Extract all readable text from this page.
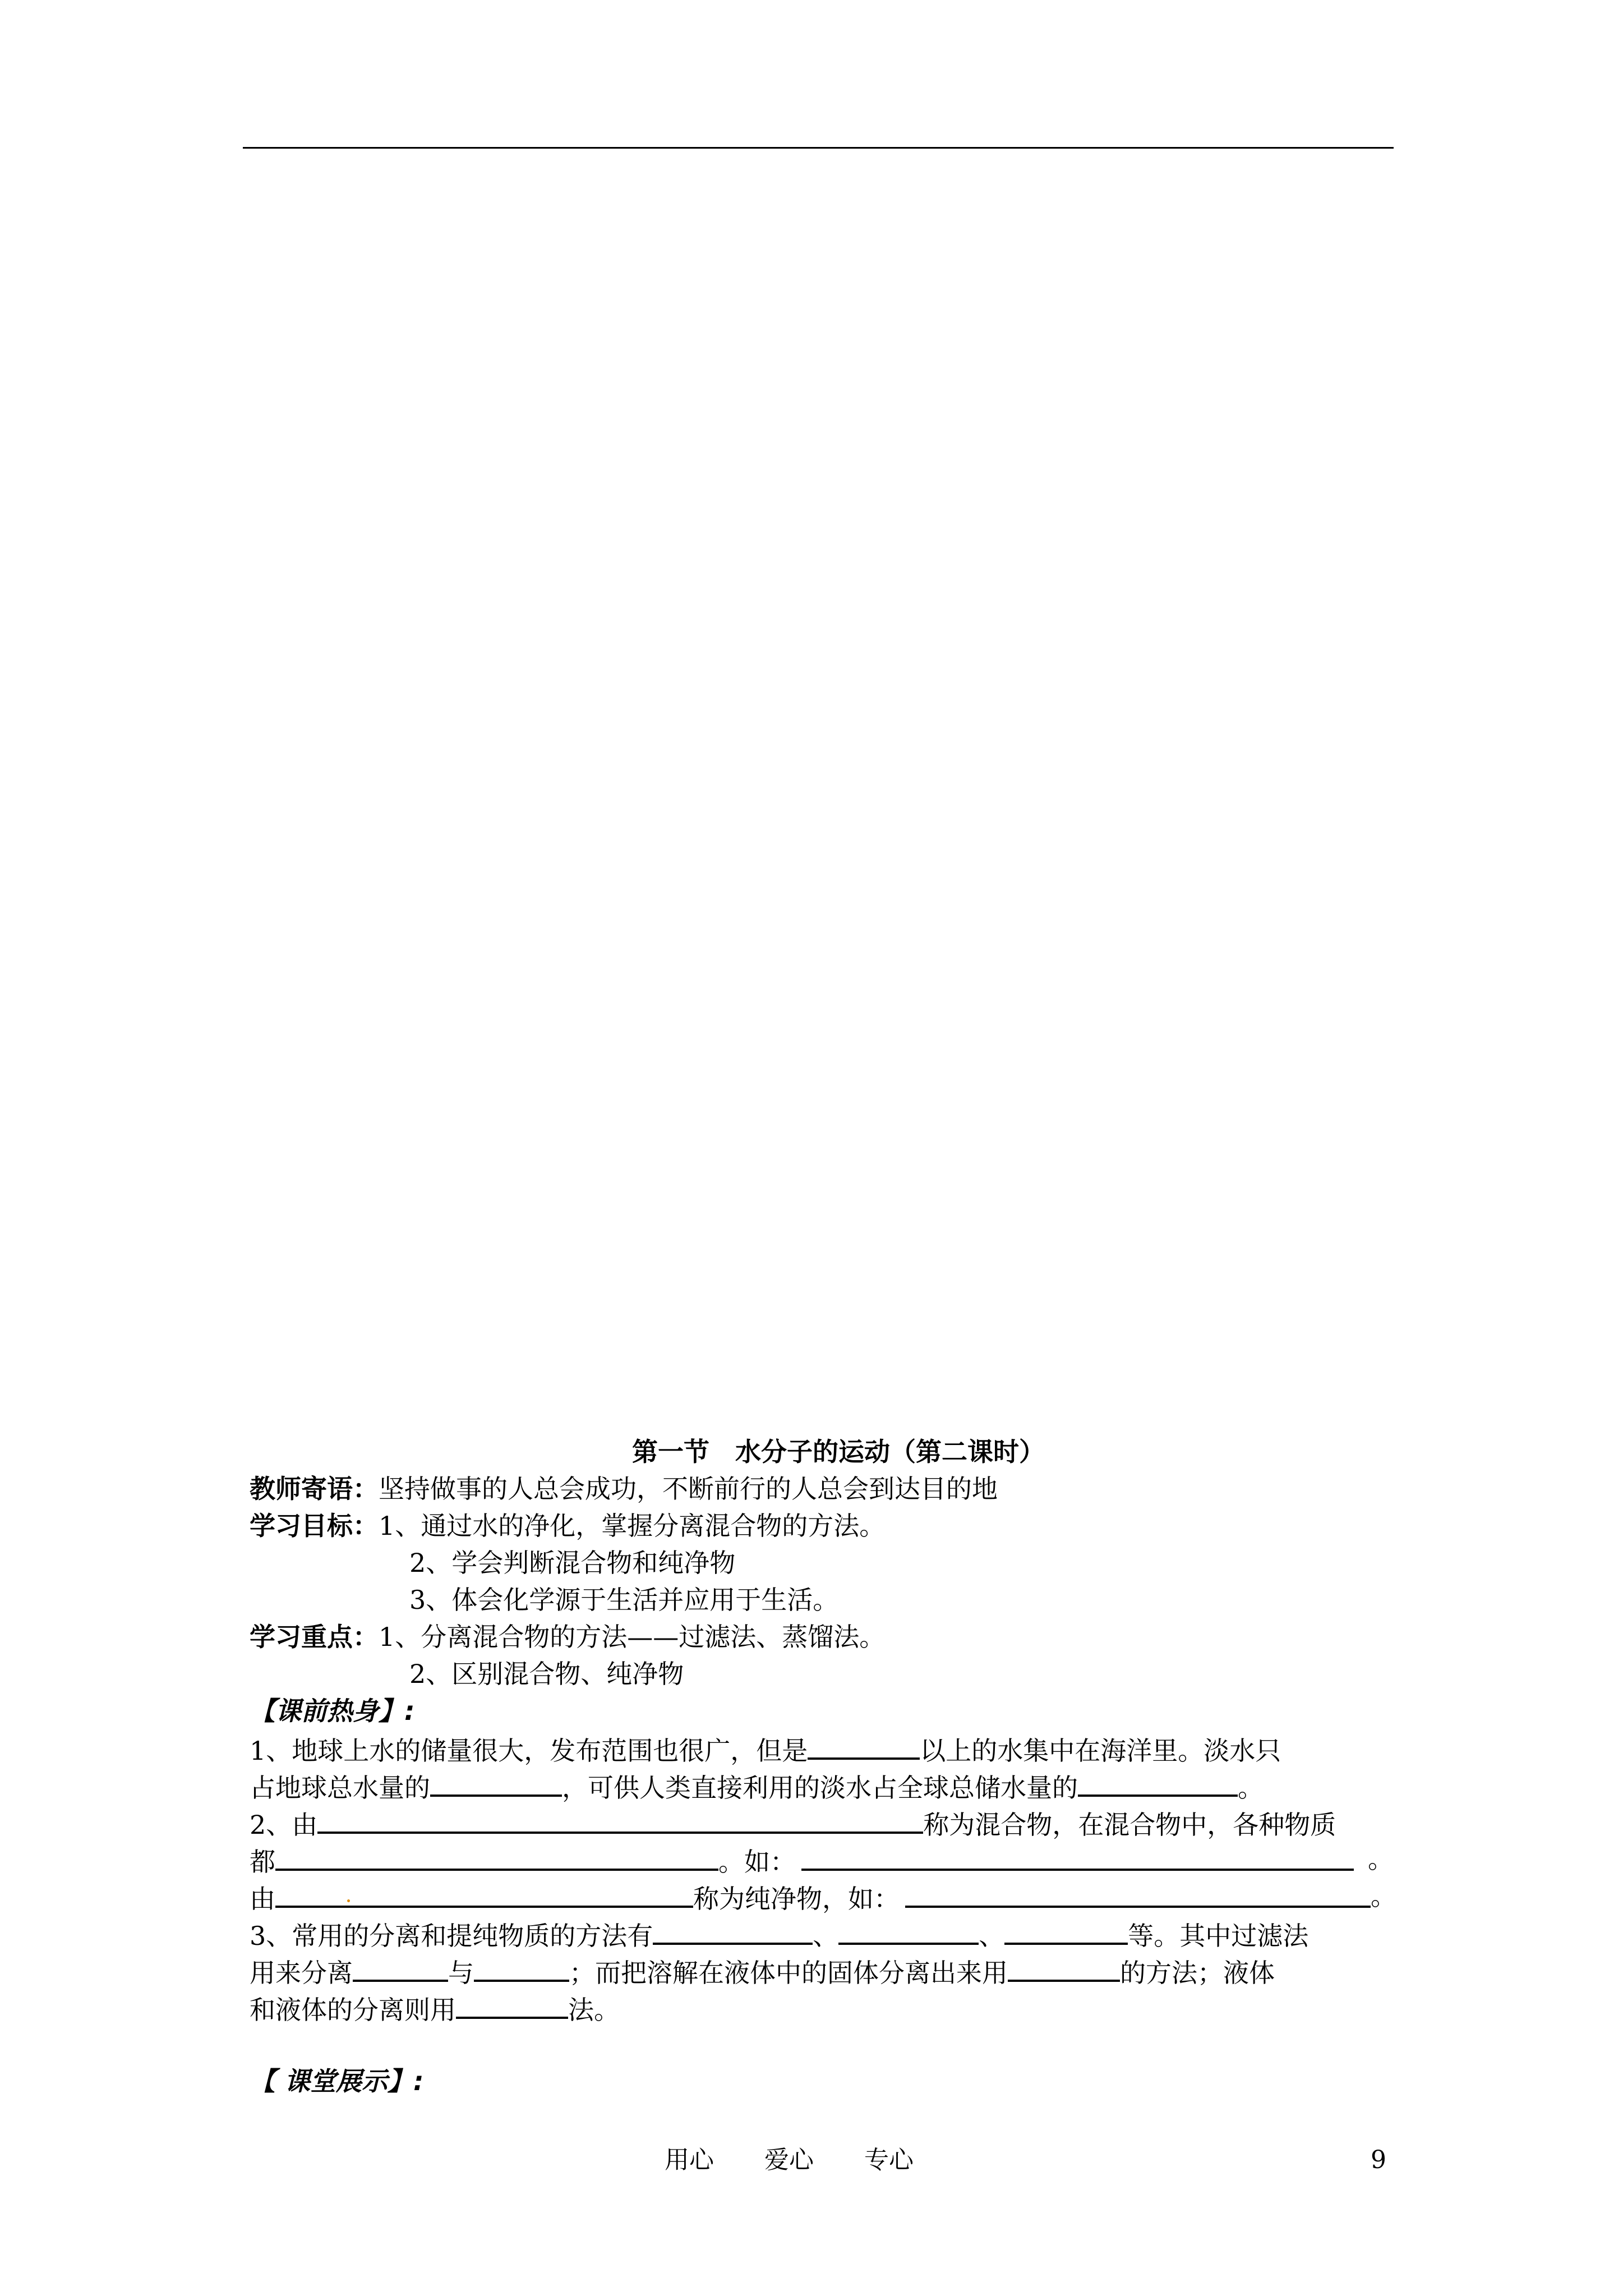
第一节　水分子的运动（第二课时）
教师寄语：坚持做事的人总会成功，不断前行的人总会到达目的地
学习目标：1、通过水的净化，掌握分离混合物的方法。
2、学会判断混合物和纯净物
3、体会化学源于生活并应用于生活。
学习重点：1、分离混合物的方法——过滤法、蒸馏法。
2、区别混合物、纯净物
【课前热身】:
1、地球上水的储量很大，发布范围也很广，但是	以上的水集中在海洋里。淡水只
占地球总水量的	，可供人类直接利用的淡水占全球总储水量的	。
2、由	称为混合物，在混合物中，各种物质
都	。如：	。
由	称为纯净物，如：	。
3、常用的分离和提纯物质的方法有	、	、	等。其中过滤法
用来分离	与	；而把溶解在液体中的固体分离出来用	的方法；液体
和液体的分离则用	法。
【 课堂展示】:
用心 爱心 专心	9
